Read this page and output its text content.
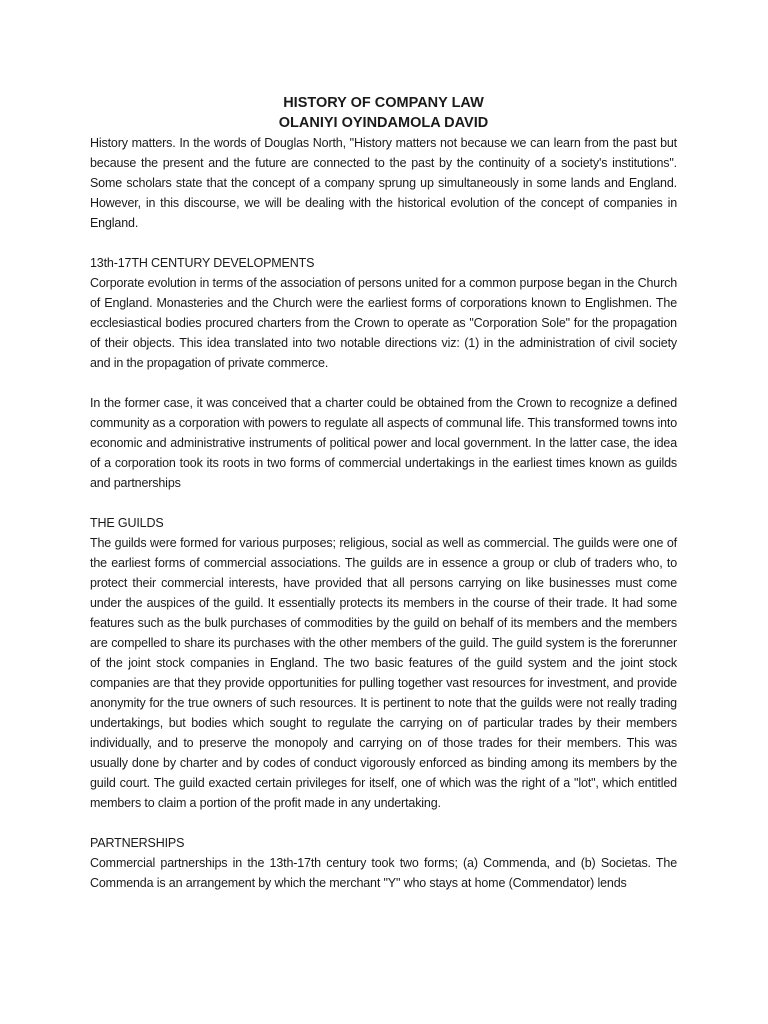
HISTORY OF COMPANY LAW

OLANIYI OYINDAMOLA DAVID

History matters. In the words of Douglas North, "History matters not because we can learn from the past but because the present and the future are connected to the past by the continuity of a society's institutions". Some scholars state that the concept of a company sprung up simultaneously in some lands and England. However, in this discourse, we will be dealing with the historical evolution of the concept of companies in England.

13th-17TH CENTURY DEVELOPMENTS

Corporate evolution in terms of the association of persons united for a common purpose began in the Church of England. Monasteries and the Church were the earliest forms of corporations known to Englishmen. The ecclesiastical bodies procured charters from the Crown to operate as "Corporation Sole" for the propagation of their objects. This idea translated into two notable directions viz: (1) in the administration of civil society and in the propagation of private commerce.

In the former case, it was conceived that a charter could be obtained from the Crown to recognize a defined community as a corporation with powers to regulate all aspects of communal life. This transformed towns into economic and administrative instruments of political power and local government. In the latter case, the idea of a corporation took its roots in two forms of commercial undertakings in the earliest times known as guilds and partnerships

THE GUILDS

The guilds were formed for various purposes; religious, social as well as commercial. The guilds were one of the earliest forms of commercial associations. The guilds are in essence a group or club of traders who, to protect their commercial interests, have provided that all persons carrying on like businesses must come under the auspices of the guild. It essentially protects its members in the course of their trade. It had some features such as the bulk purchases of commodities by the guild on behalf of its members and the members are compelled to share its purchases with the other members of the guild. The guild system is the forerunner of the joint stock companies in England. The two basic features of the guild system and the joint stock companies are that they provide opportunities for pulling together vast resources for investment, and provide anonymity for the true owners of such resources. It is pertinent to note that the guilds were not really trading undertakings, but bodies which sought to regulate the carrying on of particular trades by their members individually, and to preserve the monopoly and carrying on of those trades for their members. This was usually done by charter and by codes of conduct vigorously enforced as binding among its members by the guild court. The guild exacted certain privileges for itself, one of which was the right of a "lot", which entitled members to claim a portion of the profit made in any undertaking.

PARTNERSHIPS

Commercial partnerships in the 13th-17th century took two forms; (a) Commenda, and (b) Societas. The Commenda is an arrangement by which the merchant "Y" who stays at home (Commendator) lends
